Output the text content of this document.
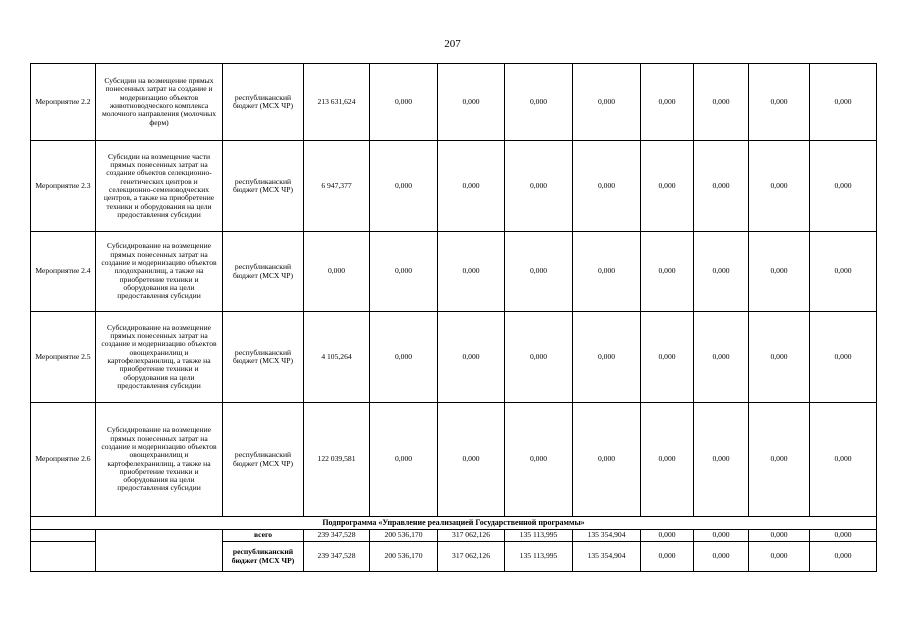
207
Мероприятие 2.2	Субсидии на возмещение прямых понесенных затрат на создание и модернизацию объектов животноводческого комплекса молочного направления (молочных ферм)	республиканский бюджет (МСХ ЧР)	213 631,624	0,000	0,000	0,000	0,000	0,000	0,000	0,000	0,000
Мероприятие 2.3	Субсидии на возмещение части прямых понесенных затрат на создание объектов селекционно-генетических центров и селекционно-семеноводческих центров, а также на приобретение техники и оборудования на цели предоставления субсидии	республиканский бюджет (МСХ ЧР)	6 947,377	0,000	0,000	0,000	0,000	0,000	0,000	0,000	0,000
Мероприятие 2.4	Субсидирование на возмещение прямых понесенных затрат на создание и модернизацию объектов плодохранилищ, а также на приобретение техники и оборудования на цели предоставления субсидии	республиканский бюджет (МСХ ЧР)	0,000	0,000	0,000	0,000	0,000	0,000	0,000	0,000	0,000
Мероприятие 2.5	Субсидирование на возмещение прямых понесенных затрат на создание и модернизацию объектов овощехранилищ и картофелехранилищ, а также на приобретение техники и оборудования на цели предоставления субсидии	республиканский бюджет (МСХ ЧР)	4 105,264	0,000	0,000	0,000	0,000	0,000	0,000	0,000	0,000
Мероприятие 2.6	Субсидирование на возмещение прямых понесенных затрат на создание и модернизацию объектов овощехранилищ и картофелехранилищ, а также на приобретение техники и оборудования на цели предоставления субсидии	республиканский бюджет (МСХ ЧР)	122 039,581	0,000	0,000	0,000	0,000	0,000	0,000	0,000	0,000
Подпрограмма «Управление реализацией Государственной программы»											
		всего	239 347,528	200 536,170	317 062,126	135 113,995	135 354,904	0,000	0,000	0,000	0,000
		республиканский бюджет (МСХ ЧР)	239 347,528	200 536,170	317 062,126	135 113,995	135 354,904	0,000	0,000	0,000	0,000
